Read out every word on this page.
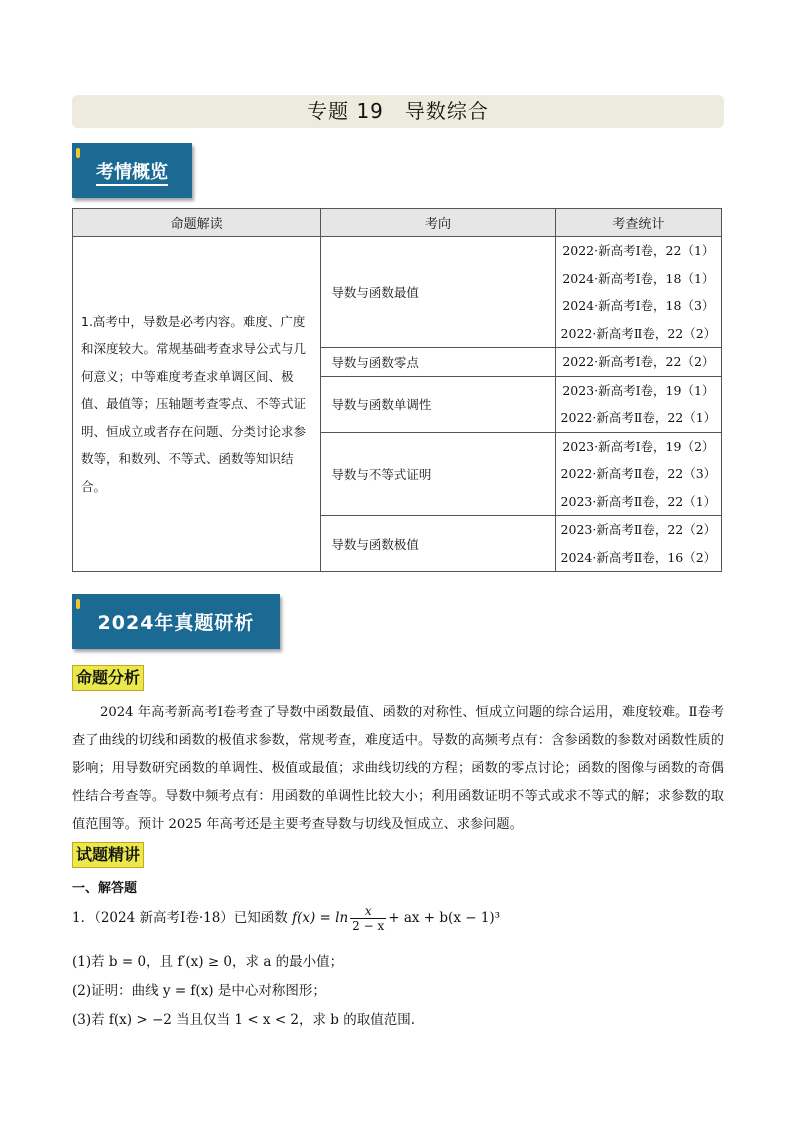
专题 19　导数综合
考情概览
命题解读	考向	考查统计
1.高考中，导数是必考内容。难度、广度和深度较大。常规基础考查求导公式与几何意义；中等难度考查求单调区间、极值、最值等；压轴题考查零点、不等式证明、恒成立或者存在问题、分类讨论求参数等，和数列、不等式、函数等知识结合。	导数与函数最值	2022·新高考Ⅰ卷，22（1）
2024·新高考Ⅰ卷，18（1）
2024·新高考Ⅰ卷，18（3）
2022·新高考Ⅱ卷，22（2）

	导数与函数零点	2022·新高考Ⅰ卷，22（2）

	导数与函数单调性	2023·新高考Ⅰ卷，19（1）
2022·新高考Ⅱ卷，22（1）

	导数与不等式证明	2023·新高考Ⅰ卷，19（2）
2022·新高考Ⅱ卷，22（3）
2023·新高考Ⅱ卷，22（1）

	导数与函数极值	2023·新高考Ⅱ卷，22（2）
2024·新高考Ⅱ卷，16（2）
2024年真题研析
命题分析
2024 年高考新高考Ⅰ卷考查了导数中函数最值、函数的对称性、恒成立问题的综合运用，难度较难。Ⅱ卷考查了曲线的切线和函数的极值求参数，常规考查，难度适中。导数的高频考点有：含参函数的参数对函数性质的影响；用导数研究函数的单调性、极值或最值；求曲线切线的方程；函数的零点讨论；函数的图像与函数的奇偶性结合考查等。导数中频考点有：用函数的单调性比较大小；利用函数证明不等式或求不等式的解；求参数的取值范围等。预计 2025 年高考还是主要考查导数与切线及恒成立、求参问题。
试题精讲
一、解答题
1．（2024 新高考Ⅰ卷·18）已知函数 $f(x) = \ln \frac{x}{2 - x}$ + ax + b(x − 1)³
(1)若 b = 0，且 f′(x) ≥ 0，求 a 的最小值；
(2)证明：曲线 y = f(x) 是中心对称图形；
(3)若 f(x) > −2 当且仅当 1 < x < 2，求 b 的取值范围.
